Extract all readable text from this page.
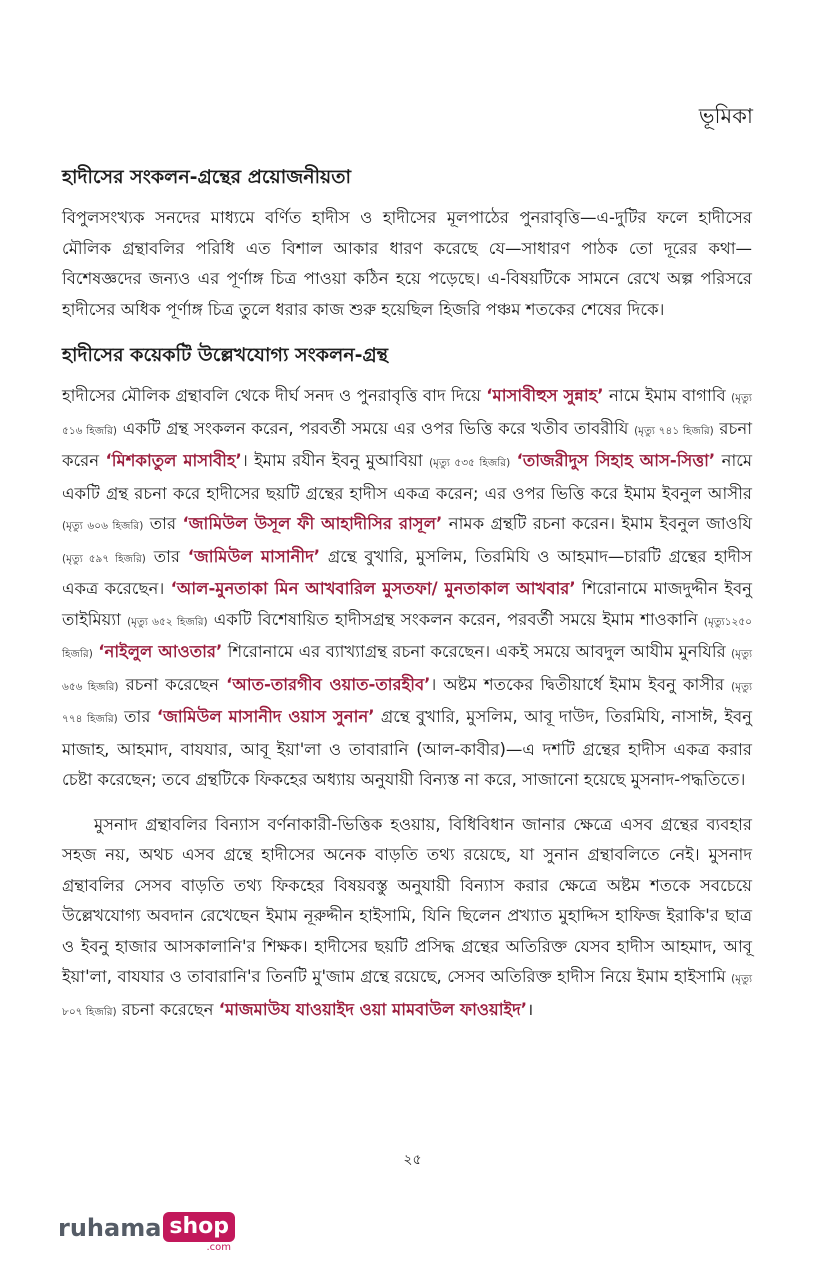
ভূমিকা
হাদীসের সংকলন-গ্রন্থের প্রয়োজনীয়তা

বিপুলসংখ্যক সনদের মাধ্যমে বর্ণিত হাদীস ও হাদীসের মূলপাঠের পুনরাবৃত্তি—এ-দুটির ফলে হাদীসের মৌলিক গ্রন্থাবলির পরিধি এত বিশাল আকার ধারণ করেছে যে—সাধারণ পাঠক তো দূরের কথা—বিশেষজ্ঞদের জন্যও এর পূর্ণাঙ্গ চিত্র পাওয়া কঠিন হয়ে পড়েছে। এ-বিষয়টিকে সামনে রেখে অল্প পরিসরে হাদীসের অধিক পূর্ণাঙ্গ চিত্র তুলে ধরার কাজ শুরু হয়েছিল হিজরি পঞ্চম শতকের শেষের দিকে।

হাদীসের কয়েকটি উল্লেখযোগ্য সংকলন-গ্রন্থ

হাদীসের মৌলিক গ্রন্থাবলি থেকে দীর্ঘ সনদ ও পুনরাবৃত্তি বাদ দিয়ে ‘মাসাবীহুস সুন্নাহ’ নামে ইমাম বাগাবি (মৃত্যু ৫১৬ হিজরি) একটি গ্রন্থ সংকলন করেন, পরবর্তী সময়ে এর ওপর ভিত্তি করে খতীব তাবরীযি (মৃত্যু ৭৪১ হিজরি) রচনা করেন ‘মিশকাতুল মাসাবীহ’। ইমাম রযীন ইবনু মুআবিয়া (মৃত্যু ৫৩৫ হিজরি) ‘তাজরীদুস সিহাহ আস-সিত্তা’ নামে একটি গ্রন্থ রচনা করে হাদীসের ছয়টি গ্রন্থের হাদীস একত্র করেন; এর ওপর ভিত্তি করে ইমাম ইবনুল আসীর (মৃত্যু ৬০৬ হিজরি) তার ‘জামিউল উসূল ফী আহাদীসির রাসূল’ নামক গ্রন্থটি রচনা করেন। ইমাম ইবনুল জাওযি (মৃত্যু ৫৯৭ হিজরি) তার ‘জামিউল মাসানীদ’ গ্রন্থে বুখারি, মুসলিম, তিরমিযি ও আহমাদ—চারটি গ্রন্থের হাদীস একত্র করেছেন। ‘আল-মুনতাকা মিন আখবারিল মুসতফা/ মুনতাকাল আখবার’ শিরোনামে মাজদুদ্দীন ইবনু তাইমিয়্যা (মৃত্যু ৬৫২ হিজরি) একটি বিশেষায়িত হাদীসগ্রন্থ সংকলন করেন, পরবর্তী সময়ে ইমাম শাওকানি (মৃত্যু১২৫০ হিজরি) ‘নাইলুল আওতার’ শিরোনামে এর ব্যাখ্যাগ্রন্থ রচনা করেছেন। একই সময়ে আবদুল আযীম মুনযিরি (মৃত্যু ৬৫৬ হিজরি) রচনা করেছেন ‘আত-তারগীব ওয়াত-তারহীব’। অষ্টম শতকের দ্বিতীয়ার্ধে ইমাম ইবনু কাসীর (মৃত্যু ৭৭৪ হিজরি) তার ‘জামিউল মাসানীদ ওয়াস সুনান’ গ্রন্থে বুখারি, মুসলিম, আবূ দাউদ, তিরমিযি, নাসাঈ, ইবনু মাজাহ, আহমাদ, বাযযার, আবূ ইয়া'লা ও তাবারানি (আল-কাবীর)—এ দশটি গ্রন্থের হাদীস একত্র করার চেষ্টা করেছেন; তবে গ্রন্থটিকে ফিকহের অধ্যায় অনুযায়ী বিন্যস্ত না করে, সাজানো হয়েছে মুসনাদ-পদ্ধতিতে।

মুসনাদ গ্রন্থাবলির বিন্যাস বর্ণনাকারী-ভিত্তিক হওয়ায়, বিধিবিধান জানার ক্ষেত্রে এসব গ্রন্থের ব্যবহার সহজ নয়, অথচ এসব গ্রন্থে হাদীসের অনেক বাড়তি তথ্য রয়েছে, যা সুনান গ্রন্থাবলিতে নেই। মুসনাদ গ্রন্থাবলির সেসব বাড়তি তথ্য ফিকহের বিষয়বস্তু অনুযায়ী বিন্যাস করার ক্ষেত্রে অষ্টম শতকে সবচেয়ে উল্লেখযোগ্য অবদান রেখেছেন ইমাম নূরুদ্দীন হাইসামি, যিনি ছিলেন প্রখ্যাত মুহাদ্দিস হাফিজ ইরাকি'র ছাত্র ও ইবনু হাজার আসকালানি'র শিক্ষক। হাদীসের ছয়টি প্রসিদ্ধ গ্রন্থের অতিরিক্ত যেসব হাদীস আহমাদ, আবূ ইয়া'লা, বাযযার ও তাবারানি'র তিনটি মু'জাম গ্রন্থে রয়েছে, সেসব অতিরিক্ত হাদীস নিয়ে ইমাম হাইসামি (মৃত্যু ৮০৭ হিজরি) রচনা করেছেন ‘মাজমাউয যাওয়াইদ ওয়া মামবাউল ফাওয়াইদ’।

২৫
ruhama shop
.com
